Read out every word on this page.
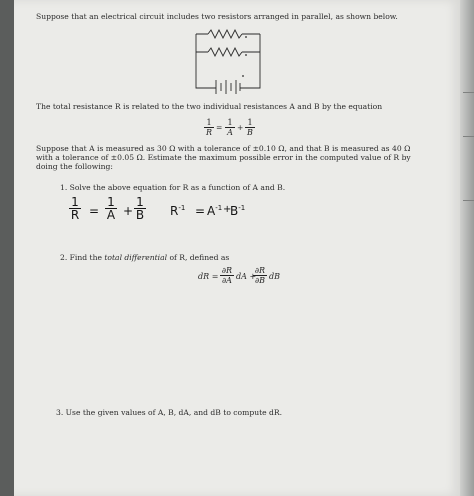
Suppose that an electrical circuit includes two resistors arranged in parallel, as shown below.
The total resistance R is related to the two individual resistances A and B by the equation
$\frac{1}{R} = \frac{1}{A} + \frac{1}{B}$
Suppose that A is measured as 30 Ω with a tolerance of ±0.10 Ω, and that B is measured as 40 Ω with a tolerance of ±0.05 Ω. Estimate the maximum possible error in the computed value of R by doing the following:
1. Solve the above equation for R as a function of A and B.
1
R =
1
A +
1
B $R^{-1} = A^{-1}$ +
$B^{-1}$
2. Find the total differential of R, defined as
dR = $\frac{\partial R}{\partial A}$ dA +
$\frac{\partial R}{\partial B}$ dB
3. Use the given values of A, B, dA, and dB to compute dR.
